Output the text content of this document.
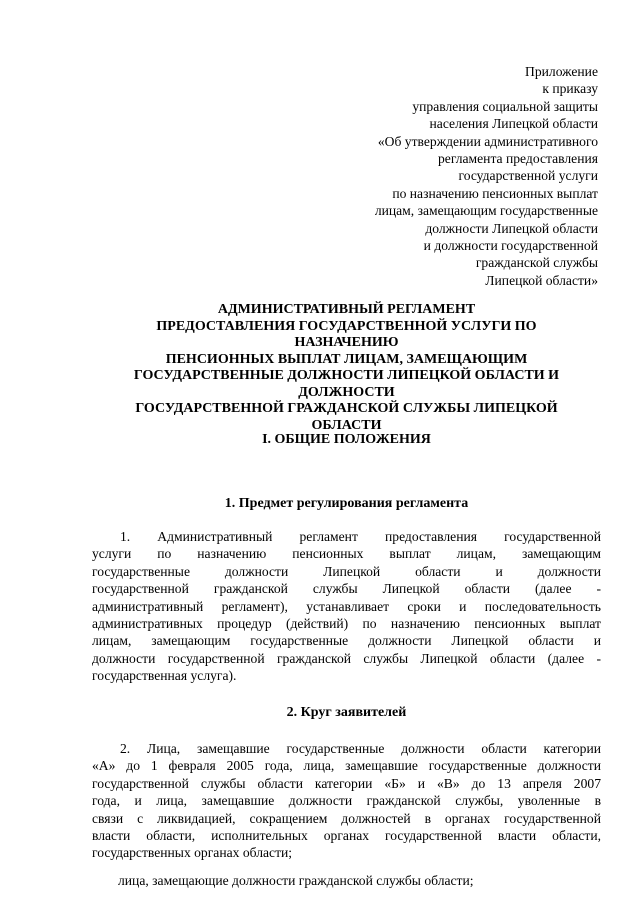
Приложение
к приказу
управления социальной защиты
населения Липецкой области
«Об утверждении административного
регламента предоставления
государственной услуги
по назначению пенсионных выплат
лицам, замещающим государственные
должности Липецкой области
и должности государственной
гражданской службы
Липецкой области»
АДМИНИСТРАТИВНЫЙ РЕГЛАМЕНТ
ПРЕДОСТАВЛЕНИЯ ГОСУДАРСТВЕННОЙ УСЛУГИ ПО
НАЗНАЧЕНИЮ
ПЕНСИОННЫХ ВЫПЛАТ ЛИЦАМ, ЗАМЕЩАЮЩИМ
ГОСУДАРСТВЕННЫЕ ДОЛЖНОСТИ ЛИПЕЦКОЙ ОБЛАСТИ И
ДОЛЖНОСТИ
ГОСУДАРСТВЕННОЙ ГРАЖДАНСКОЙ СЛУЖБЫ ЛИПЕЦКОЙ
ОБЛАСТИ
I. ОБЩИЕ ПОЛОЖЕНИЯ
1. Предмет регулирования регламента
1. Административный регламент предоставления государственной
услуги по назначению пенсионных выплат лицам, замещающим
государственные должности Липецкой области и должности
государственной гражданской службы Липецкой области (далее -
административный регламент), устанавливает сроки и последовательность
административных процедур (действий) по назначению пенсионных выплат
лицам, замещающим государственные должности Липецкой области и
должности государственной гражданской службы Липецкой области (далее -
государственная услуга).
2. Круг заявителей
2. Лица, замещавшие государственные должности области категории
«А» до 1 февраля 2005 года, лица, замещавшие государственные должности
государственной службы области категории «Б» и «В» до 13 апреля 2007
года, и лица, замещавшие должности гражданской службы, уволенные в
связи с ликвидацией, сокращением должностей в органах государственной
власти области, исполнительных органах государственной власти области,
государственных органах области;
лица, замещающие должности гражданской службы области;
